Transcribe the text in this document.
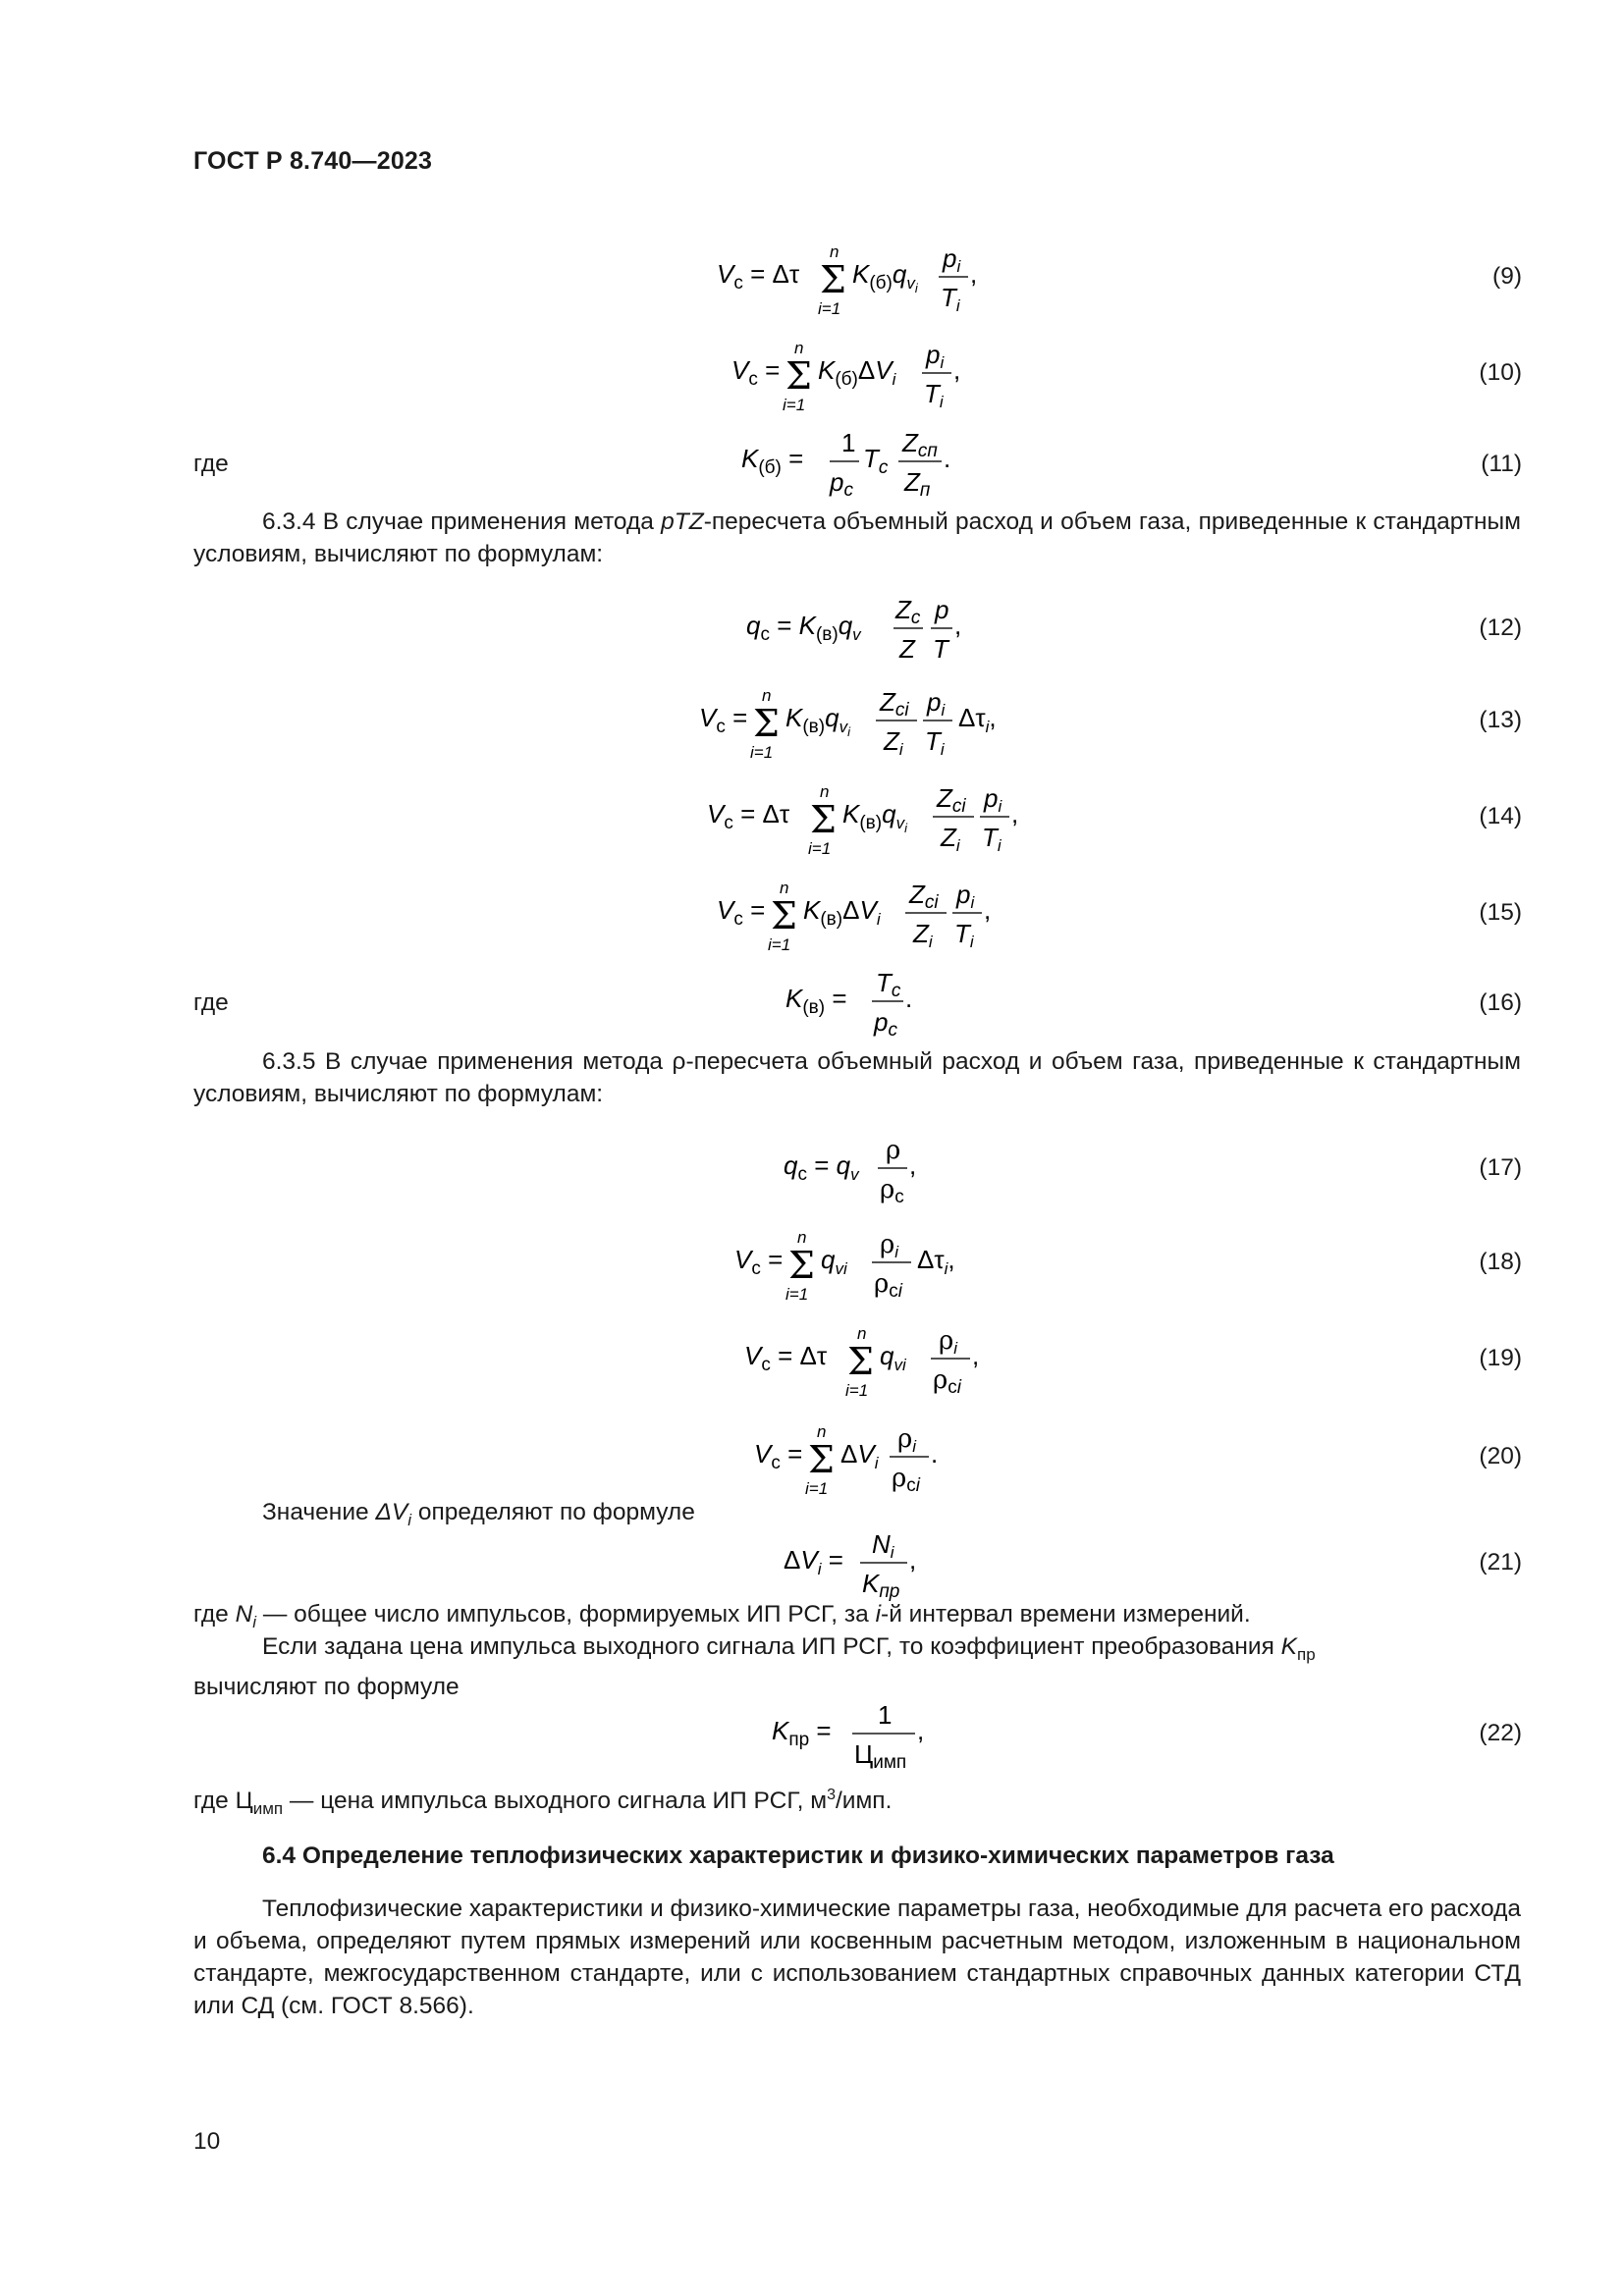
ГОСТ Р 8.740—2023
$V_с = \Delta\tau$
n
Σ
i=1
$K_{(б)}q_vi$
pi
Ti
,	(9)
$V_с$ =
n
Σ
i=1
$K_{(б)}\Delta V_i$
pi
Ti
,	(10)
где	$K_{(б)}$ =
1
pс
$T_с$
Zсп
Zп
.	(11)
6.3.4 В случае применения метода pTZ-пересчета объемный расход и объем газа, приведенные к стандартным условиям, вычисляют по формулам:
$q_с = K_{(в)}q_v$
Zс
Z
p
T
,	(12)
$V_с$ =
n
Σ
i=1
$K_{(в)}q_vi$
Zсi
Zi
pi
Ti
$\Delta\tau_i$,	(13)
$V_с = \Delta\tau$
n
Σ
i=1
$K_{(в)}q_vi$
Zсi
Zi
pi
Ti
,	(14)
$V_с$ =
n
Σ
i=1
$K_{(в)}\Delta V_i$
Zсi
Zi
pi
Ti
,	(15)
где	$K_{(в)}$ =
Tс
pс
.	(16)
6.3.5 В случае применения метода ρ-пересчета объемный расход и объем газа, приведенные к стандартным условиям, вычисляют по формулам:
$q_с = q_v$
ρ
ρс
,	(17)
$V_с$ =
n
Σ
i=1
$q_{vi}$
ρi
ρсi
$\Delta\tau_i$,	(18)
$V_с = \Delta\tau$
n
Σ
i=1
$q_{vi}$
ρi
ρсi
,	(19)
$V_с$ =
n
Σ
i=1
$\Delta V_i$
ρi
ρсi
.	(20)
Значение $\Delta V_i$ определяют по формуле
$\Delta V_i$ =
Ni
Kпр
,	(21)
где $N_i$ — общее число импульсов, формируемых ИП РСГ, за i-й интервал времени измерений.
Если задана цена импульса выходного сигнала ИП РСГ, то коэффициент преобразования $K_{пр}$
вычисляют по формуле
$K_{пр}$ =
1
Цимп
,	(22)
где $Ц_{имп}$ — цена импульса выходного сигнала ИП РСГ, $м^3$/имп.
6.4 Определение теплофизических характеристик и физико-химических параметров газа
Теплофизические характеристики и физико-химические параметры газа, необходимые для расчета его расхода и объема, определяют путем прямых измерений или косвенным расчетным методом, изложенным в национальном стандарте, межгосударственном стандарте, или с использованием стандартных справочных данных категории СТД или СД (см. ГОСТ 8.566).
10
